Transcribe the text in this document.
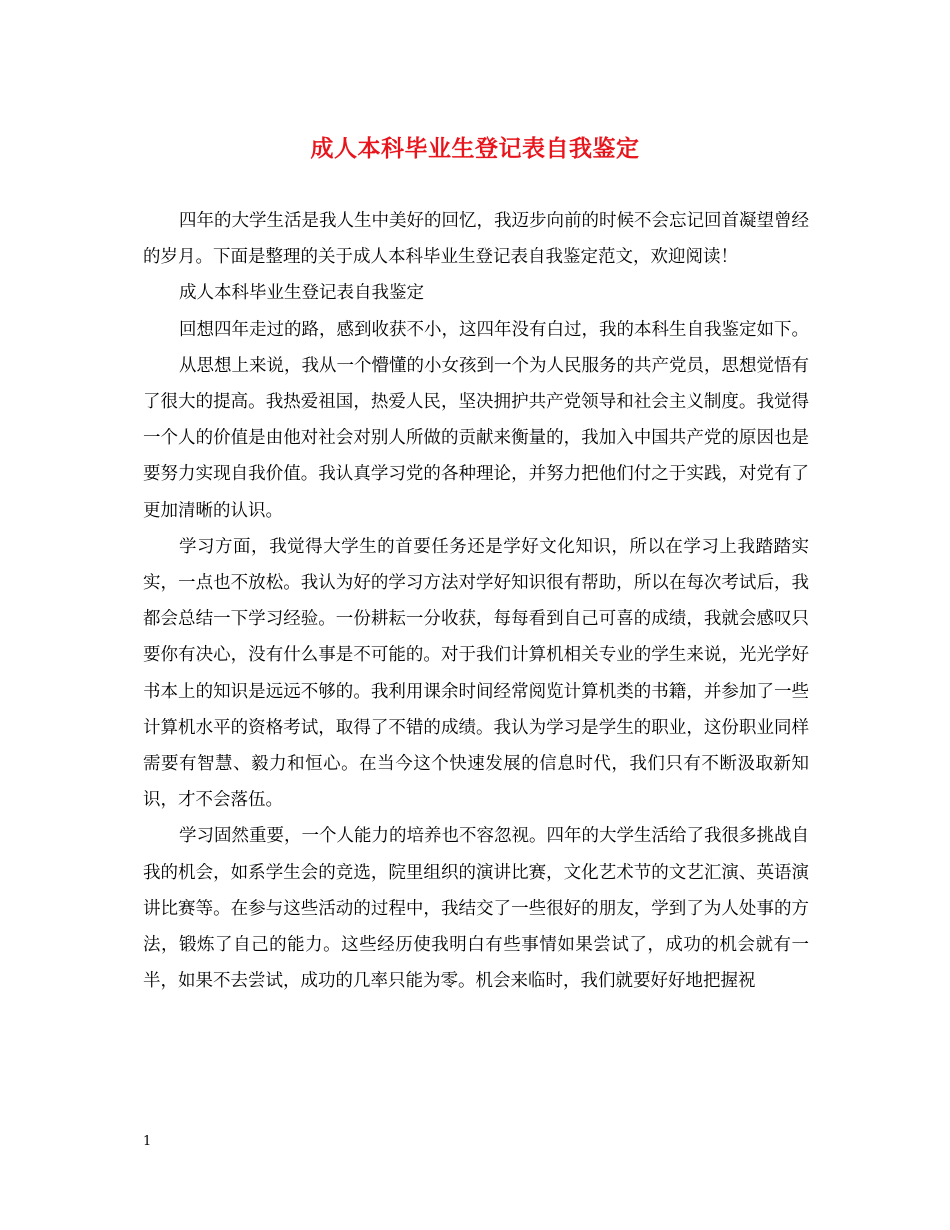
成人本科毕业生登记表自我鉴定

四年的大学生活是我人生中美好的回忆，我迈步向前的时候不会忘记回首凝望曾经的岁月。下面是整理的关于成人本科毕业生登记表自我鉴定范文，欢迎阅读！

成人本科毕业生登记表自我鉴定

回想四年走过的路，感到收获不小，这四年没有白过，我的本科生自我鉴定如下。

从思想上来说，我从一个懵懂的小女孩到一个为人民服务的共产党员，思想觉悟有了很大的提高。我热爱祖国，热爱人民，坚决拥护共产党领导和社会主义制度。我觉得一个人的价值是由他对社会对别人所做的贡献来衡量的，我加入中国共产党的原因也是要努力实现自我价值。我认真学习党的各种理论，并努力把他们付之于实践，对党有了更加清晰的认识。

学习方面，我觉得大学生的首要任务还是学好文化知识，所以在学习上我踏踏实实，一点也不放松。我认为好的学习方法对学好知识很有帮助，所以在每次考试后，我都会总结一下学习经验。一份耕耘一分收获，每每看到自己可喜的成绩，我就会感叹只要你有决心，没有什么事是不可能的。对于我们计算机相关专业的学生来说，光光学好书本上的知识是远远不够的。我利用课余时间经常阅览计算机类的书籍，并参加了一些计算机水平的资格考试，取得了不错的成绩。我认为学习是学生的职业，这份职业同样需要有智慧、毅力和恒心。在当今这个快速发展的信息时代，我们只有不断汲取新知识，才不会落伍。

学习固然重要，一个人能力的培养也不容忽视。四年的大学生活给了我很多挑战自我的机会，如系学生会的竞选，院里组织的演讲比赛，文化艺术节的文艺汇演、英语演讲比赛等。在参与这些活动的过程中，我结交了一些很好的朋友，学到了为人处事的方法，锻炼了自己的能力。这些经历使我明白有些事情如果尝试了，成功的机会就有一半，如果不去尝试，成功的几率只能为零。机会来临时，我们就要好好地把握祝

1
